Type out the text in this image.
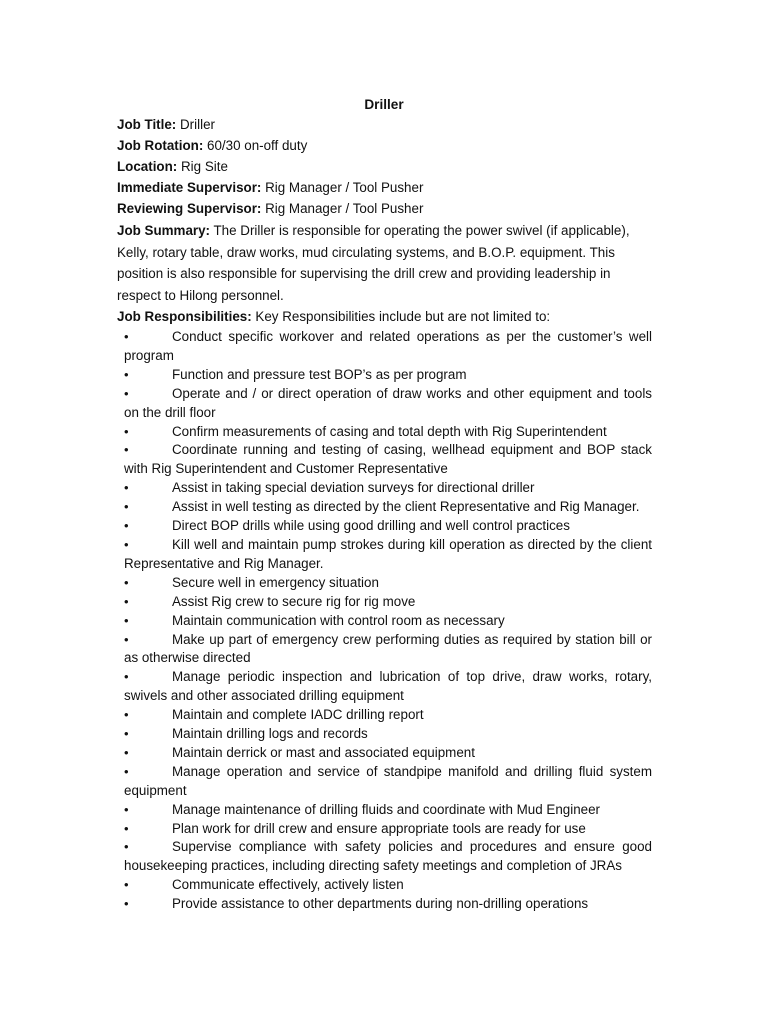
Driller
Job Title: Driller
Job Rotation: 60/30 on-off duty
Location: Rig Site
Immediate Supervisor: Rig Manager / Tool Pusher
Reviewing Supervisor: Rig Manager / Tool Pusher
Job Summary: The Driller is responsible for operating the power swivel (if applicable), Kelly, rotary table, draw works, mud circulating systems, and B.O.P. equipment. This position is also responsible for supervising the drill crew and providing leadership in respect to Hilong personnel.
Job Responsibilities: Key Responsibilities include but are not limited to:
•	Conduct specific workover and related operations as per the customer’s well program
•	Function and pressure test BOP’s as per program
•	Operate and / or direct operation of draw works and other equipment and tools on the drill floor
•	Confirm measurements of casing and total depth with Rig Superintendent
•	Coordinate running and testing of casing, wellhead equipment and BOP stack with Rig Superintendent and Customer Representative
•	Assist in taking special deviation surveys for directional driller
•	Assist in well testing as directed by the client Representative and Rig Manager.
•	Direct BOP drills while using good drilling and well control practices
•	Kill well and maintain pump strokes during kill operation as directed by the client Representative and Rig Manager.
•	Secure well in emergency situation
•	Assist Rig crew to secure rig for rig move
•	Maintain communication with control room as necessary
•	Make up part of emergency crew performing duties as required by station bill or as otherwise directed
•	Manage periodic inspection and lubrication of top drive, draw works, rotary, swivels and other associated drilling equipment
•	Maintain and complete IADC drilling report
•	Maintain drilling logs and records
•	Maintain derrick or mast and associated equipment
•	Manage operation and service of standpipe manifold and drilling fluid system equipment
•	Manage maintenance of drilling fluids and coordinate with Mud Engineer
•	Plan work for drill crew and ensure appropriate tools are ready for use
•	Supervise compliance with safety policies and procedures and ensure good housekeeping practices, including directing safety meetings and completion of JRAs
•	Communicate effectively, actively listen
•	Provide assistance to other departments during non-drilling operations
